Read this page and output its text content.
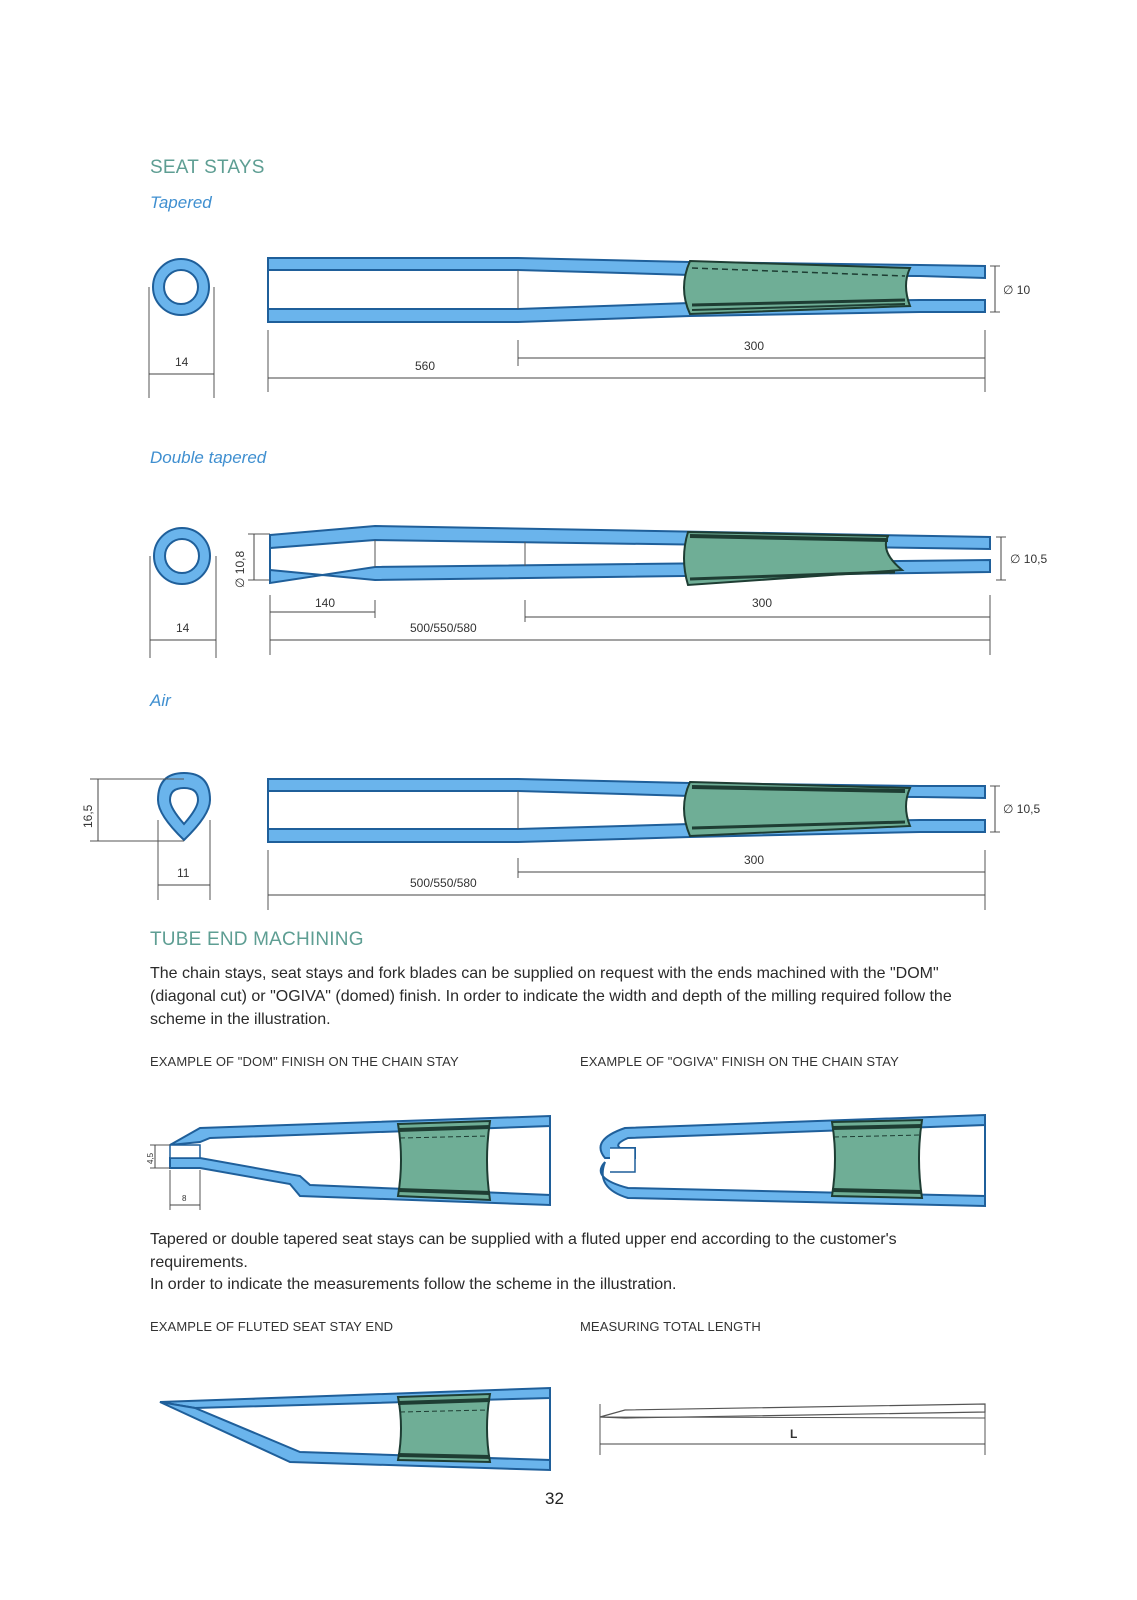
SEAT STAYS
Tapered
Double tapered
Air
TUBE END MACHINING
The chain stays, seat stays and fork blades can be supplied on request with the ends machined with the "DOM" (diagonal cut) or "OGIVA" (domed) finish. In order to indicate the width and depth of the milling required follow the scheme in the illustration.
EXAMPLE OF "DOM" FINISH ON THE CHAIN STAY	EXAMPLE OF "OGIVA" FINISH ON THE CHAIN STAY
Tapered or double tapered seat stays can be supplied with a fluted upper end according to the customer's requirements.
In order to indicate the measurements follow the scheme in the illustration.
EXAMPLE OF FLUTED SEAT STAY END	MEASURING TOTAL LENGTH
32
14	560
300
∅ 10
14
∅ 10,8
140
500/550/580
300
∅ 10,5
16,5
11
500/550/580
300
∅ 10,5
4,5
8
L
